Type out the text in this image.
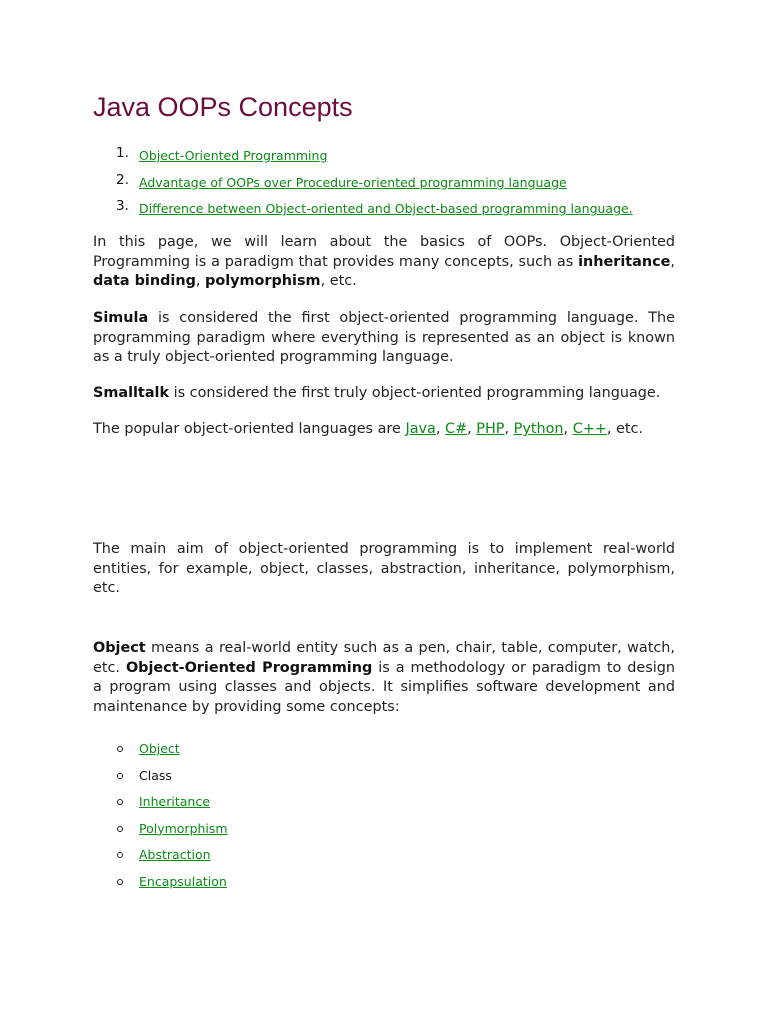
Java OOPs Concepts
1. Object-Oriented Programming
2. Advantage of OOPs over Procedure-oriented programming language
3. Difference between Object-oriented and Object-based programming language.

In this page, we will learn about the basics of OOPs. Object-Oriented Programming is a paradigm that provides many concepts, such as inheritance, data binding, polymorphism, etc.

Simula is considered the first object-oriented programming language. The programming paradigm where everything is represented as an object is known as a truly object-oriented programming language.

Smalltalk is considered the first truly object-oriented programming language.

The popular object-oriented languages are Java, C#, PHP, Python, C++, etc.

The main aim of object-oriented programming is to implement real-world entities, for example, object, classes, abstraction, inheritance, polymorphism, etc.

Object means a real-world entity such as a pen, chair, table, computer, watch, etc. Object-Oriented Programming is a methodology or paradigm to design a program using classes and objects. It simplifies software development and maintenance by providing some concepts:

Object
Class
Inheritance
Polymorphism
Abstraction
Encapsulation
